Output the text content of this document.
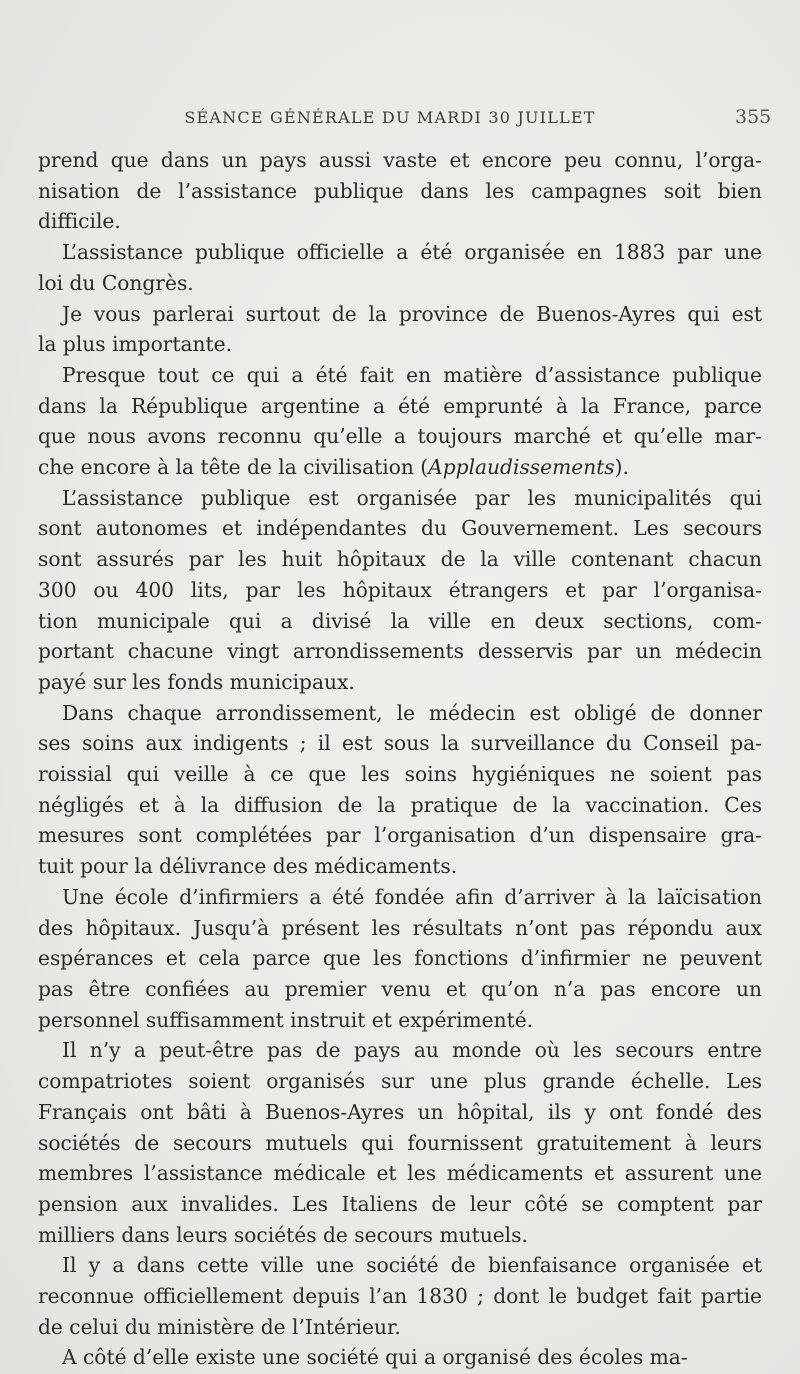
SÉANCE GÉNÉRALE DU MARDI 30 JUILLET	355
prend que dans un pays aussi vaste et encore peu connu, l’orga-
nisation de l’assistance publique dans les campagnes soit bien
difficile.
L’assistance publique officielle a été organisée en 1883 par une
loi du Congrès.
Je vous parlerai surtout de la province de Buenos-Ayres qui est
la plus importante.
Presque tout ce qui a été fait en matière d’assistance publique
dans la République argentine a été emprunté à la France, parce
que nous avons reconnu qu’elle a toujours marché et qu’elle mar-
che encore à la tête de la civilisation (Applaudissements).
L’assistance publique est organisée par les municipalités qui
sont autonomes et indépendantes du Gouvernement. Les secours
sont assurés par les huit hôpitaux de la ville contenant chacun
300 ou 400 lits, par les hôpitaux étrangers et par l’organisa-
tion municipale qui a divisé la ville en deux sections, com-
portant chacune vingt arrondissements desservis par un médecin
payé sur les fonds municipaux.
Dans chaque arrondissement, le médecin est obligé de donner
ses soins aux indigents ; il est sous la surveillance du Conseil pa-
roissial qui veille à ce que les soins hygiéniques ne soient pas
négligés et à la diffusion de la pratique de la vaccination. Ces
mesures sont complétées par l’organisation d’un dispensaire gra-
tuit pour la délivrance des médicaments.
Une école d’infirmiers a été fondée afin d’arriver à la laïcisation
des hôpitaux. Jusqu’à présent les résultats n’ont pas répondu aux
espérances et cela parce que les fonctions d’infirmier ne peuvent
pas être confiées au premier venu et qu’on n’a pas encore un
personnel suffisamment instruit et expérimenté.
Il n’y a peut-être pas de pays au monde où les secours entre
compatriotes soient organisés sur une plus grande échelle. Les
Français ont bâti à Buenos-Ayres un hôpital, ils y ont fondé des
sociétés de secours mutuels qui fournissent gratuitement à leurs
membres l’assistance médicale et les médicaments et assurent une
pension aux invalides. Les Italiens de leur côté se comptent par
milliers dans leurs sociétés de secours mutuels.
Il y a dans cette ville une société de bienfaisance organisée et
reconnue officiellement depuis l’an 1830 ; dont le budget fait partie
de celui du ministère de l’Intérieur.
A côté d’elle existe une société qui a organisé des écoles ma-
